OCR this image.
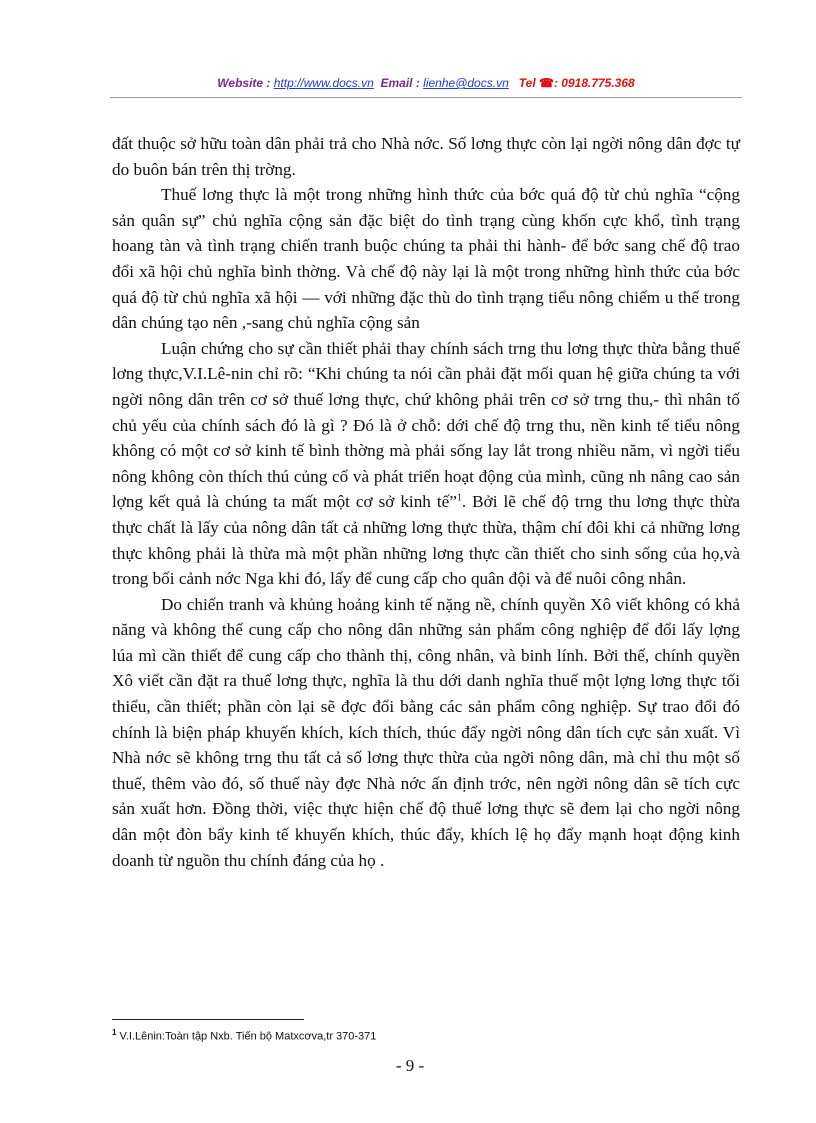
Website : http://www.docs.vn Email : lienhe@docs.vn Tel ☎: 0918.775.368

đất thuộc sở hữu toàn dân phải trả cho Nhà nớc. Số lơng thực còn lại ngời nông dân đợc tự do buôn bán trên thị trờng.

Thuế lơng thực là một trong những hình thức của bớc quá độ từ chủ nghĩa “cộng sản quân sự” chủ nghĩa cộng sản đặc biệt do tình trạng cùng khốn cực khổ, tình trạng hoang tàn và tình trạng chiến tranh buộc chúng ta phải thi hành- để bớc sang chế độ trao đổi xã hội chủ nghĩa bình thờng. Và chế độ này lại là một trong những hình thức của bớc quá độ từ chủ nghĩa xã hội — với những đặc thù do tình trạng tiểu nông chiếm u thế trong dân chúng tạo nên ,-sang chủ nghĩa cộng sản

Luận chứng cho sự cần thiết phải thay chính sách trng thu lơng thực thừa bằng thuế lơng thực,V.I.Lê-nin chỉ rõ: “Khi chúng ta nói cần phải đặt mối quan hệ giữa chúng ta với ngời nông dân trên cơ sở thuế lơng thực, chứ không phải trên cơ sở trng thu,- thì nhân tố chủ yếu của chính sách đó là gì ? Đó là ở chỗ: dới chế độ trng thu, nền kinh tế tiểu nông không có một cơ sở kinh tế bình thờng mà phải sống lay lắt trong nhiều năm, vì ngời tiểu nông không còn thích thú củng cố và phát triển hoạt động của mình, cũng nh nâng cao sản lợng kết quả là chúng ta mất một cơ sở kinh tế”$^1$. Bởi lẽ chế độ trng thu lơng thực thừa thực chất là lấy của nông dân tất cả những lơng thực thừa, thậm chí đôi khi cả những lơng thực không phải là thừa mà một phần những lơng thực cần thiết cho sinh sống của họ,và trong bối cảnh nớc Nga khi đó, lấy để cung cấp cho quân đội và để nuôi công nhân.

Do chiến tranh và khủng hoảng kinh tế nặng nề, chính quyền Xô viết không có khả năng và không thể cung cấp cho nông dân những sản phẩm công nghiệp để đổi lấy lợng lúa mì cần thiết để cung cấp cho thành thị, công nhân, và binh lính. Bởi thế, chính quyền Xô viết cần đặt ra thuế lơng thực, nghĩa là thu dới danh nghĩa thuế một lợng lơng thực tối thiểu, cần thiết; phần còn lại sẽ đợc đổi bằng các sản phẩm công nghiệp. Sự trao đổi đó chính là biện pháp khuyến khích, kích thích, thúc đẩy ngời nông dân tích cực sản xuất. Vì Nhà nớc sẽ không trng thu tất cả số lơng thực thừa của ngời nông dân, mà chỉ thu một số thuế, thêm vào đó, số thuế này đợc Nhà nớc ấn định trớc, nên ngời nông dân sẽ tích cực sản xuất hơn. Đồng thời, việc thực hiện chế độ thuế lơng thực sẽ đem lại cho ngời nông dân một đòn bẩy kinh tế khuyến khích, thúc đẩy, khích lệ họ đẩy mạnh hoạt động kinh doanh từ nguồn thu chính đáng của họ .

$^1$ V.I.Lênin:Toàn tập Nxb. Tiến bộ Matxcơva,tr 370-371
- 9 -
